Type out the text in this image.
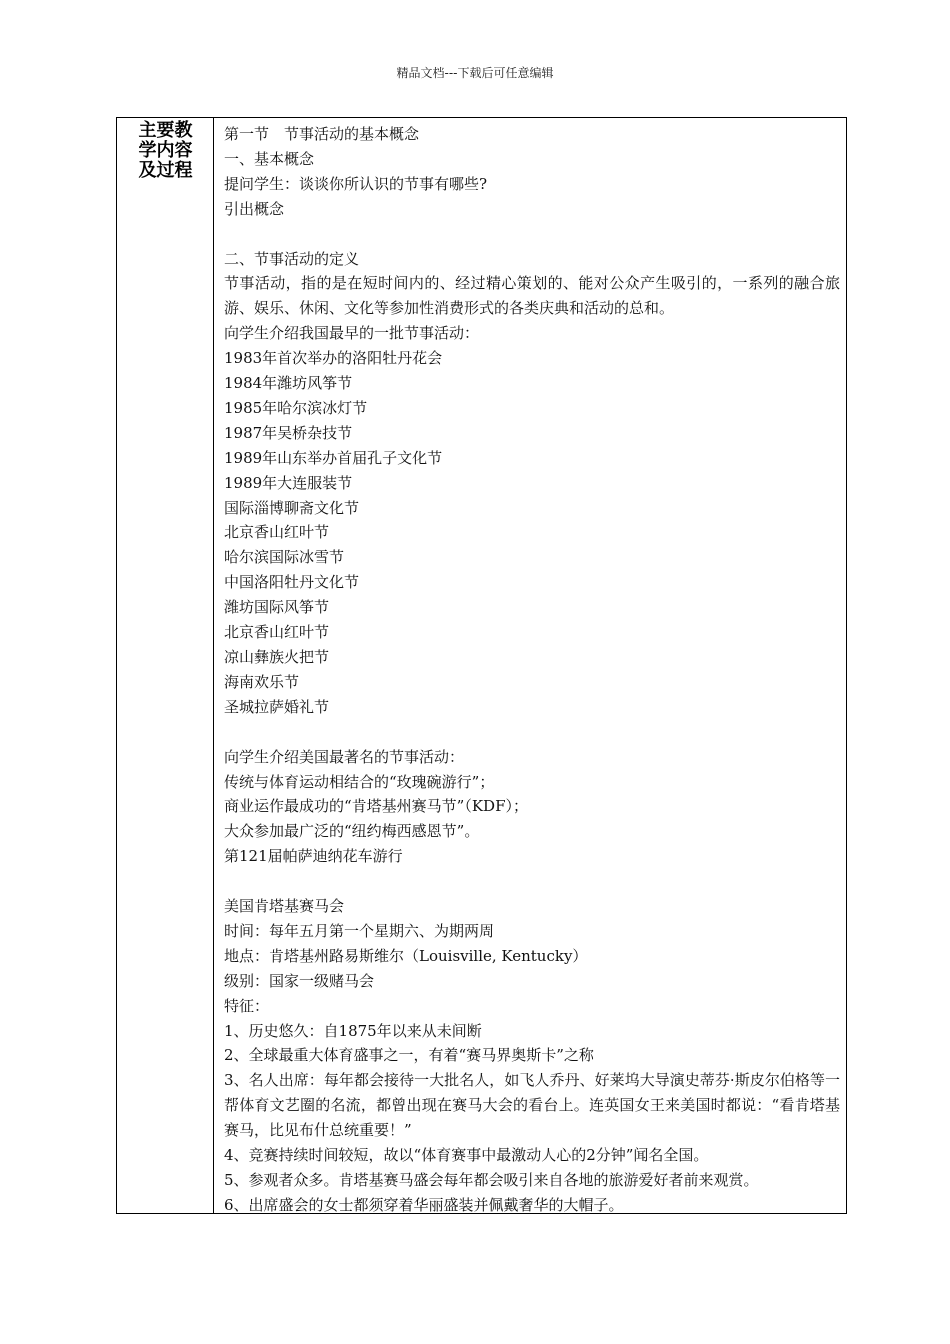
精品文档---下载后可任意编辑
主要教
学内容
及过程
第一节　节事活动的基本概念
一、基本概念
提问学生：谈谈你所认识的节事有哪些?
引出概念
二、节事活动的定义
节事活动，指的是在短时间内的、经过精心策划的、能对公众产生吸引的，一系列的融合旅游、娱乐、休闲、文化等参加性消费形式的各类庆典和活动的总和。
向学生介绍我国最早的一批节事活动：
1983年首次举办的洛阳牡丹花会
1984年潍坊风筝节
1985年哈尔滨冰灯节
1987年吴桥杂技节
1989年山东举办首届孔子文化节
1989年大连服装节
国际淄博聊斋文化节
北京香山红叶节
哈尔滨国际冰雪节
中国洛阳牡丹文化节
潍坊国际风筝节
北京香山红叶节
凉山彝族火把节
海南欢乐节
圣城拉萨婚礼节
向学生介绍美国最著名的节事活动：
传统与体育运动相结合的“玫瑰碗游行”；
商业运作最成功的“肯塔基州赛马节”（KDF）；
大众参加最广泛的“纽约梅西感恩节”。
第121届帕萨迪纳花车游行
美国肯塔基赛马会
时间：每年五月第一个星期六、为期两周
地点：肯塔基州路易斯维尔（Louisville, Kentucky）
级别：国家一级赌马会
特征：
1、历史悠久：自1875年以来从未间断
2、全球最重大体育盛事之一，有着“赛马界奥斯卡”之称
3、名人出席：每年都会接待一大批名人，如飞人乔丹、好莱坞大导演史蒂芬·斯皮尔伯格等一帮体育文艺圈的名流，都曾出现在赛马大会的看台上。连英国女王来美国时都说：“看肯塔基赛马，比见布什总统重要！”
4、竞赛持续时间较短，故以“体育赛事中最激动人心的2分钟”闻名全国。
5、参观者众多。肯塔基赛马盛会每年都会吸引来自各地的旅游爱好者前来观赏。
6、出席盛会的女士都须穿着华丽盛装并佩戴奢华的大帽子。
